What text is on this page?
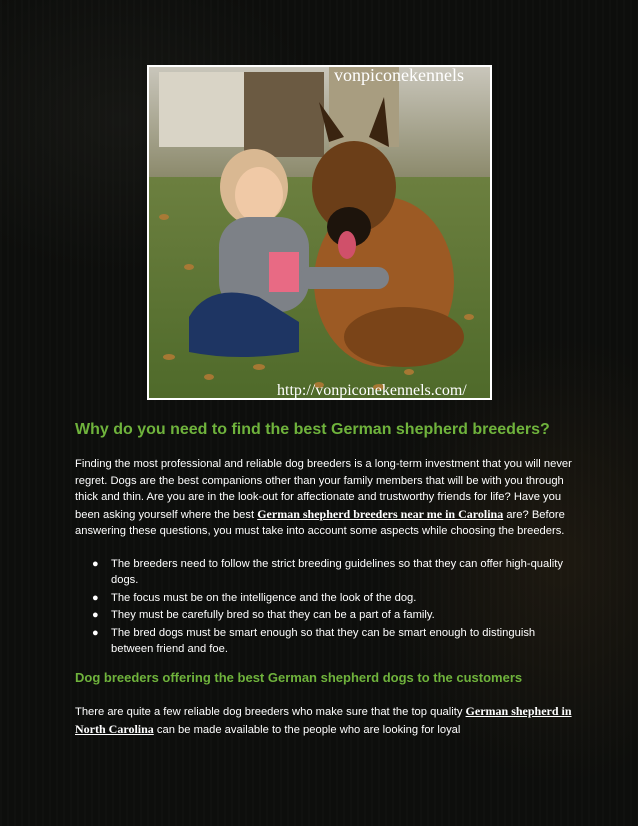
vonpiconekennels
http://vonpiconekennels.com/
Why do you need to find the best German shepherd breeders?

Finding the most professional and reliable dog breeders is a long-term investment that you will never regret. Dogs are the best companions other than your family members that will be with you through thick and thin. Are you are in the look-out for affectionate and trustworthy friends for life? Have you been asking yourself where the best German shepherd breeders near me in Carolina are? Before answering these questions, you must take into account some aspects while choosing the breeders.

● The breeders need to follow the strict breeding guidelines so that they can offer high-quality dogs.
● The focus must be on the intelligence and the look of the dog.
● They must be carefully bred so that they can be a part of a family.
● The bred dogs must be smart enough so that they can be smart enough to distinguish between friend and foe.
Dog breeders offering the best German shepherd dogs to the customers

There are quite a few reliable dog breeders who make sure that the top quality German shepherd in North Carolina can be made available to the people who are looking for loyal
